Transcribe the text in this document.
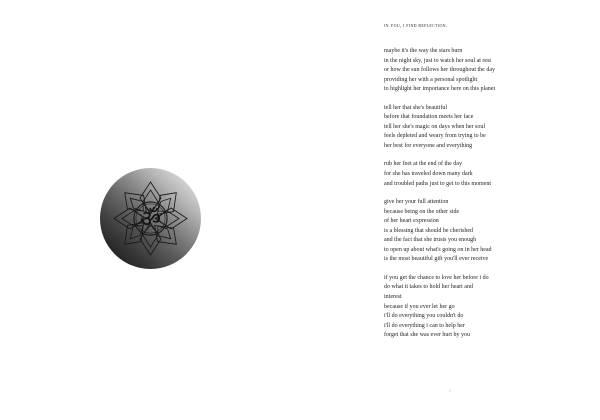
ॐ
in you, i find reflection.
maybe it's the way the stars burn
in the night sky, just to watch her soul at rest
or how the sun follows her throughout the day
providing her with a personal spotlight
to highlight her importance here on this planet
tell her that she's beautiful
before that foundation meets her face
tell her she's magic on days when her soul
feels depleted and weary from trying to be
her best for everyone and everything
rub her feet at the end of the day
for she has traveled down many dark
and troubled paths just to get to this moment
give her your full attention
because being on the other side
of her heart expression
is a blessing that should be cherished
and the fact that she trusts you enough
to open up about what's going on in her head
is the most beautiful gift you'll ever receive
if you get the chance to love her before i do
do what it takes to hold her heart and
interest
because if you ever let her go
i'll do everything you couldn't do
i'll do everything i can to help her
forget that she was ever hurt by you
1
